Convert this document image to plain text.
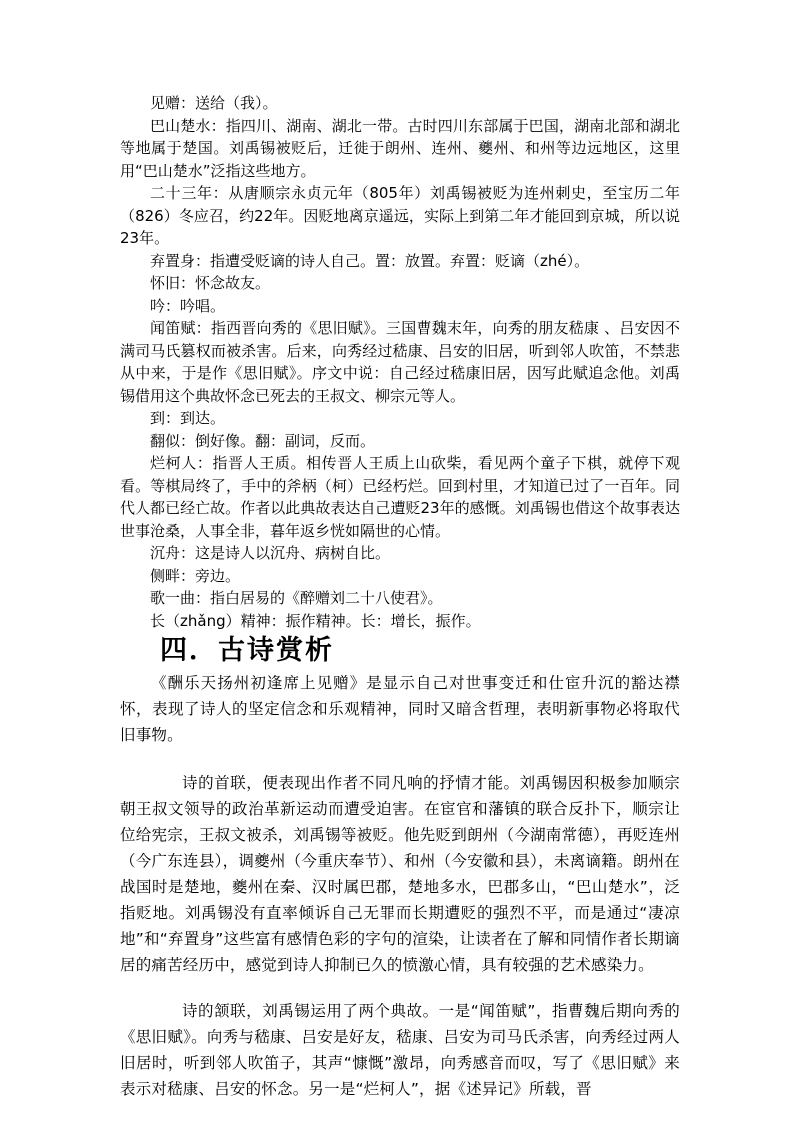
见赠：送给（我）。

巴山楚水：指四川、湖南、湖北一带。古时四川东部属于巴国，湖南北部和湖北等地属于楚国。刘禹锡被贬后，迁徙于朗州、连州、夔州、和州等边远地区，这里用“巴山楚水”泛指这些地方。

二十三年：从唐顺宗永贞元年（805年）刘禹锡被贬为连州刺史，至宝历二年（826）冬应召，约22年。因贬地离京遥远，实际上到第二年才能回到京城，所以说23年。

弃置身：指遭受贬谪的诗人自己。置：放置。弃置：贬谪（zhé）。

怀旧：怀念故友。

吟：吟唱。

闻笛赋：指西晋向秀的《思旧赋》。三国曹魏末年，向秀的朋友嵇康 、吕安因不满司马氏篡权而被杀害。后来，向秀经过嵇康、吕安的旧居，听到邻人吹笛，不禁悲从中来，于是作《思旧赋》。序文中说：自己经过嵇康旧居，因写此赋追念他。刘禹锡借用这个典故怀念已死去的王叔文、柳宗元等人。

到：到达。

翻似：倒好像。翻：副词，反而。

烂柯人：指晋人王质。相传晋人王质上山砍柴，看见两个童子下棋，就停下观看。等棋局终了，手中的斧柄（柯）已经朽烂。回到村里，才知道已过了一百年。同代人都已经亡故。作者以此典故表达自己遭贬23年的感慨。刘禹锡也借这个故事表达世事沧桑，人事全非，暮年返乡恍如隔世的心情。

沉舟：这是诗人以沉舟、病树自比。

侧畔：旁边。

歌一曲：指白居易的《醉赠刘二十八使君》。

长（zhǎng）精神：振作精神。长：增长，振作。

四．古诗赏析

《酬乐天扬州初逢席上见赠》是显示自己对世事变迁和仕宦升沉的豁达襟怀，表现了诗人的坚定信念和乐观精神，同时又暗含哲理，表明新事物必将取代旧事物。

诗的首联，便表现出作者不同凡响的抒情才能。刘禹锡因积极参加顺宗朝王叔文领导的政治革新运动而遭受迫害。在宦官和藩镇的联合反扑下，顺宗让位给宪宗，王叔文被杀，刘禹锡等被贬。他先贬到朗州（今湖南常德），再贬连州（今广东连县），调夔州（今重庆奉节）、和州（今安徽和县），未离谪籍。朗州在战国时是楚地，夔州在秦、汉时属巴郡，楚地多水，巴郡多山，“巴山楚水”，泛指贬地。刘禹锡没有直率倾诉自己无罪而长期遭贬的强烈不平，而是通过“凄凉地”和“弃置身”这些富有感情色彩的字句的渲染，让读者在了解和同情作者长期谪居的痛苦经历中，感觉到诗人抑制已久的愤激心情，具有较强的艺术感染力。

诗的颔联，刘禹锡运用了两个典故。一是“闻笛赋”，指曹魏后期向秀的《思旧赋》。向秀与嵇康、吕安是好友，嵇康、吕安为司马氏杀害，向秀经过两人旧居时，听到邻人吹笛子，其声“慷慨”激昂，向秀感音而叹，写了《思旧赋》来表示对嵇康、吕安的怀念。另一是“烂柯人”，据《述异记》所载，晋
